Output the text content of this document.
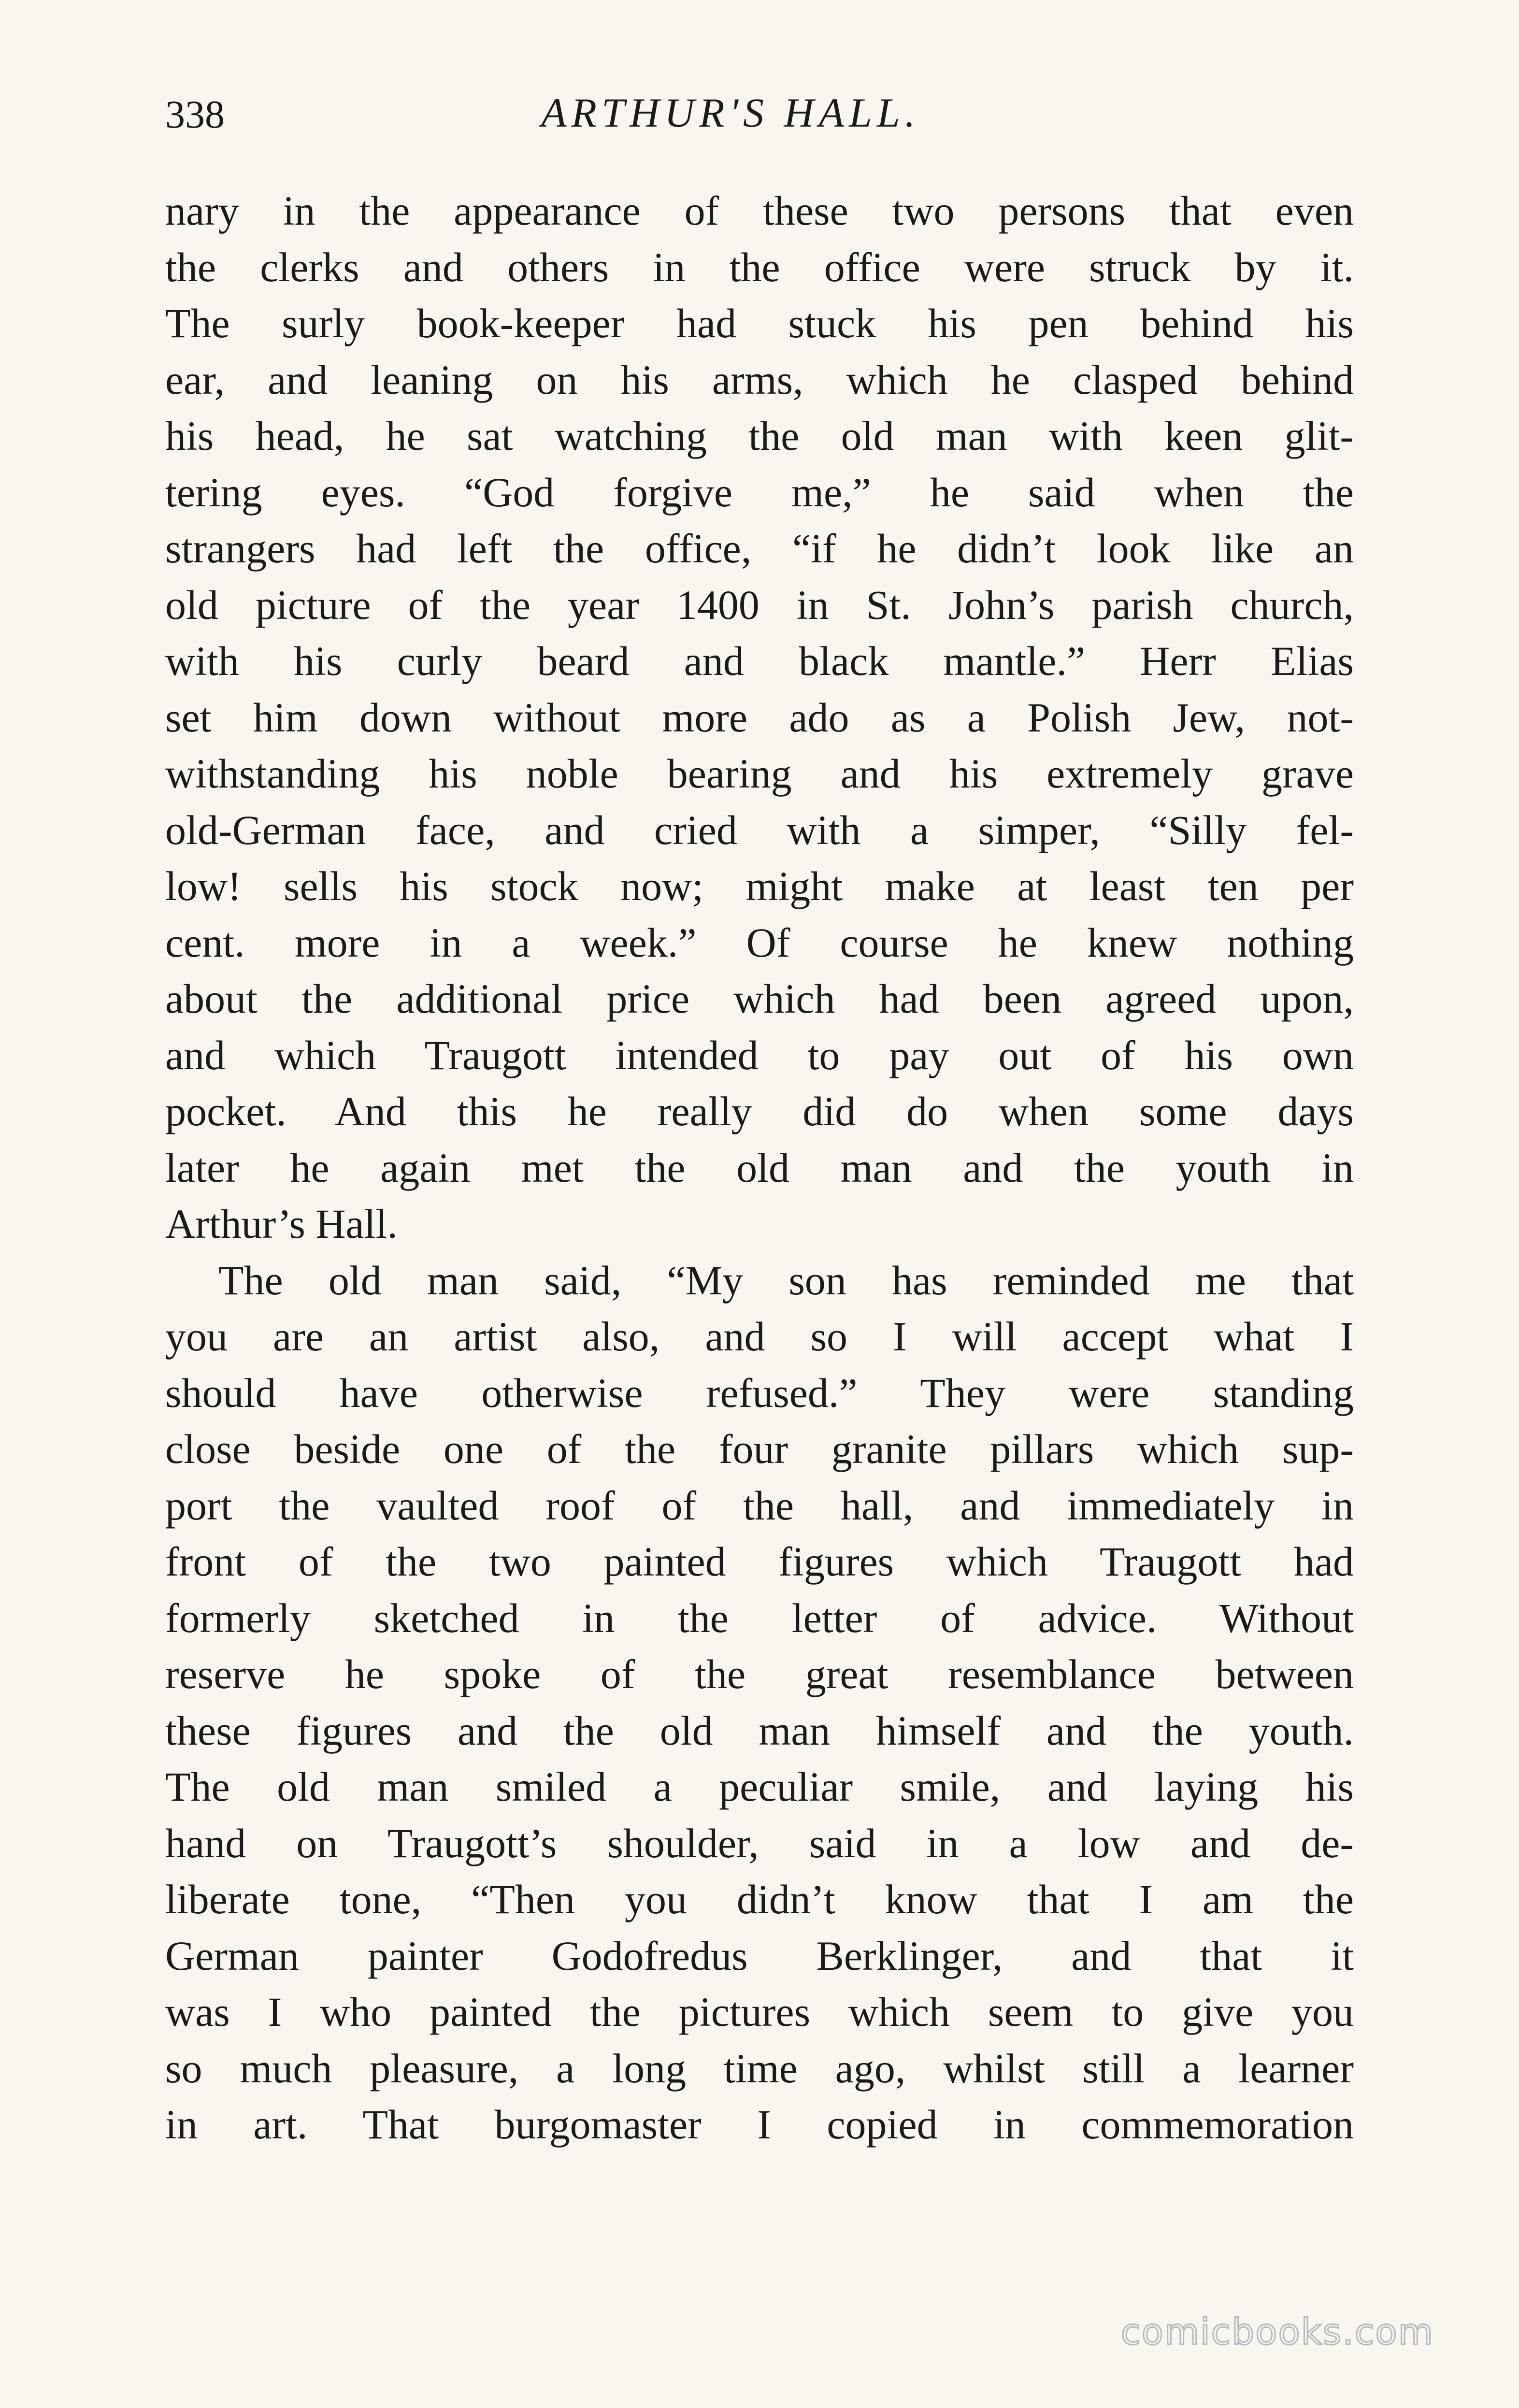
338	ARTHUR'S HALL.
nary in the appearance of these two persons that even
the clerks and others in the office were struck by it.
The surly book-keeper had stuck his pen behind his
ear, and leaning on his arms, which he clasped behind
his head, he sat watching the old man with keen glit-
tering eyes. “God forgive me,” he said when the
strangers had left the office, “if he didn’t look like an
old picture of the year 1400 in St. John’s parish church,
with his curly beard and black mantle.” Herr Elias
set him down without more ado as a Polish Jew, not-
withstanding his noble bearing and his extremely grave
old-German face, and cried with a simper, “Silly fel-
low! sells his stock now; might make at least ten per
cent. more in a week.” Of course he knew nothing
about the additional price which had been agreed upon,
and which Traugott intended to pay out of his own
pocket. And this he really did do when some days
later he again met the old man and the youth in
Arthur’s Hall.
The old man said, “My son has reminded me that
you are an artist also, and so I will accept what I
should have otherwise refused.” They were standing
close beside one of the four granite pillars which sup-
port the vaulted roof of the hall, and immediately in
front of the two painted figures which Traugott had
formerly sketched in the letter of advice. Without
reserve he spoke of the great resemblance between
these figures and the old man himself and the youth.
The old man smiled a peculiar smile, and laying his
hand on Traugott’s shoulder, said in a low and de-
liberate tone, “Then you didn’t know that I am the
German painter Godofredus Berklinger, and that it
was I who painted the pictures which seem to give you
so much pleasure, a long time ago, whilst still a learner
in art. That burgomaster I copied in commemoration
comicbooks.com
